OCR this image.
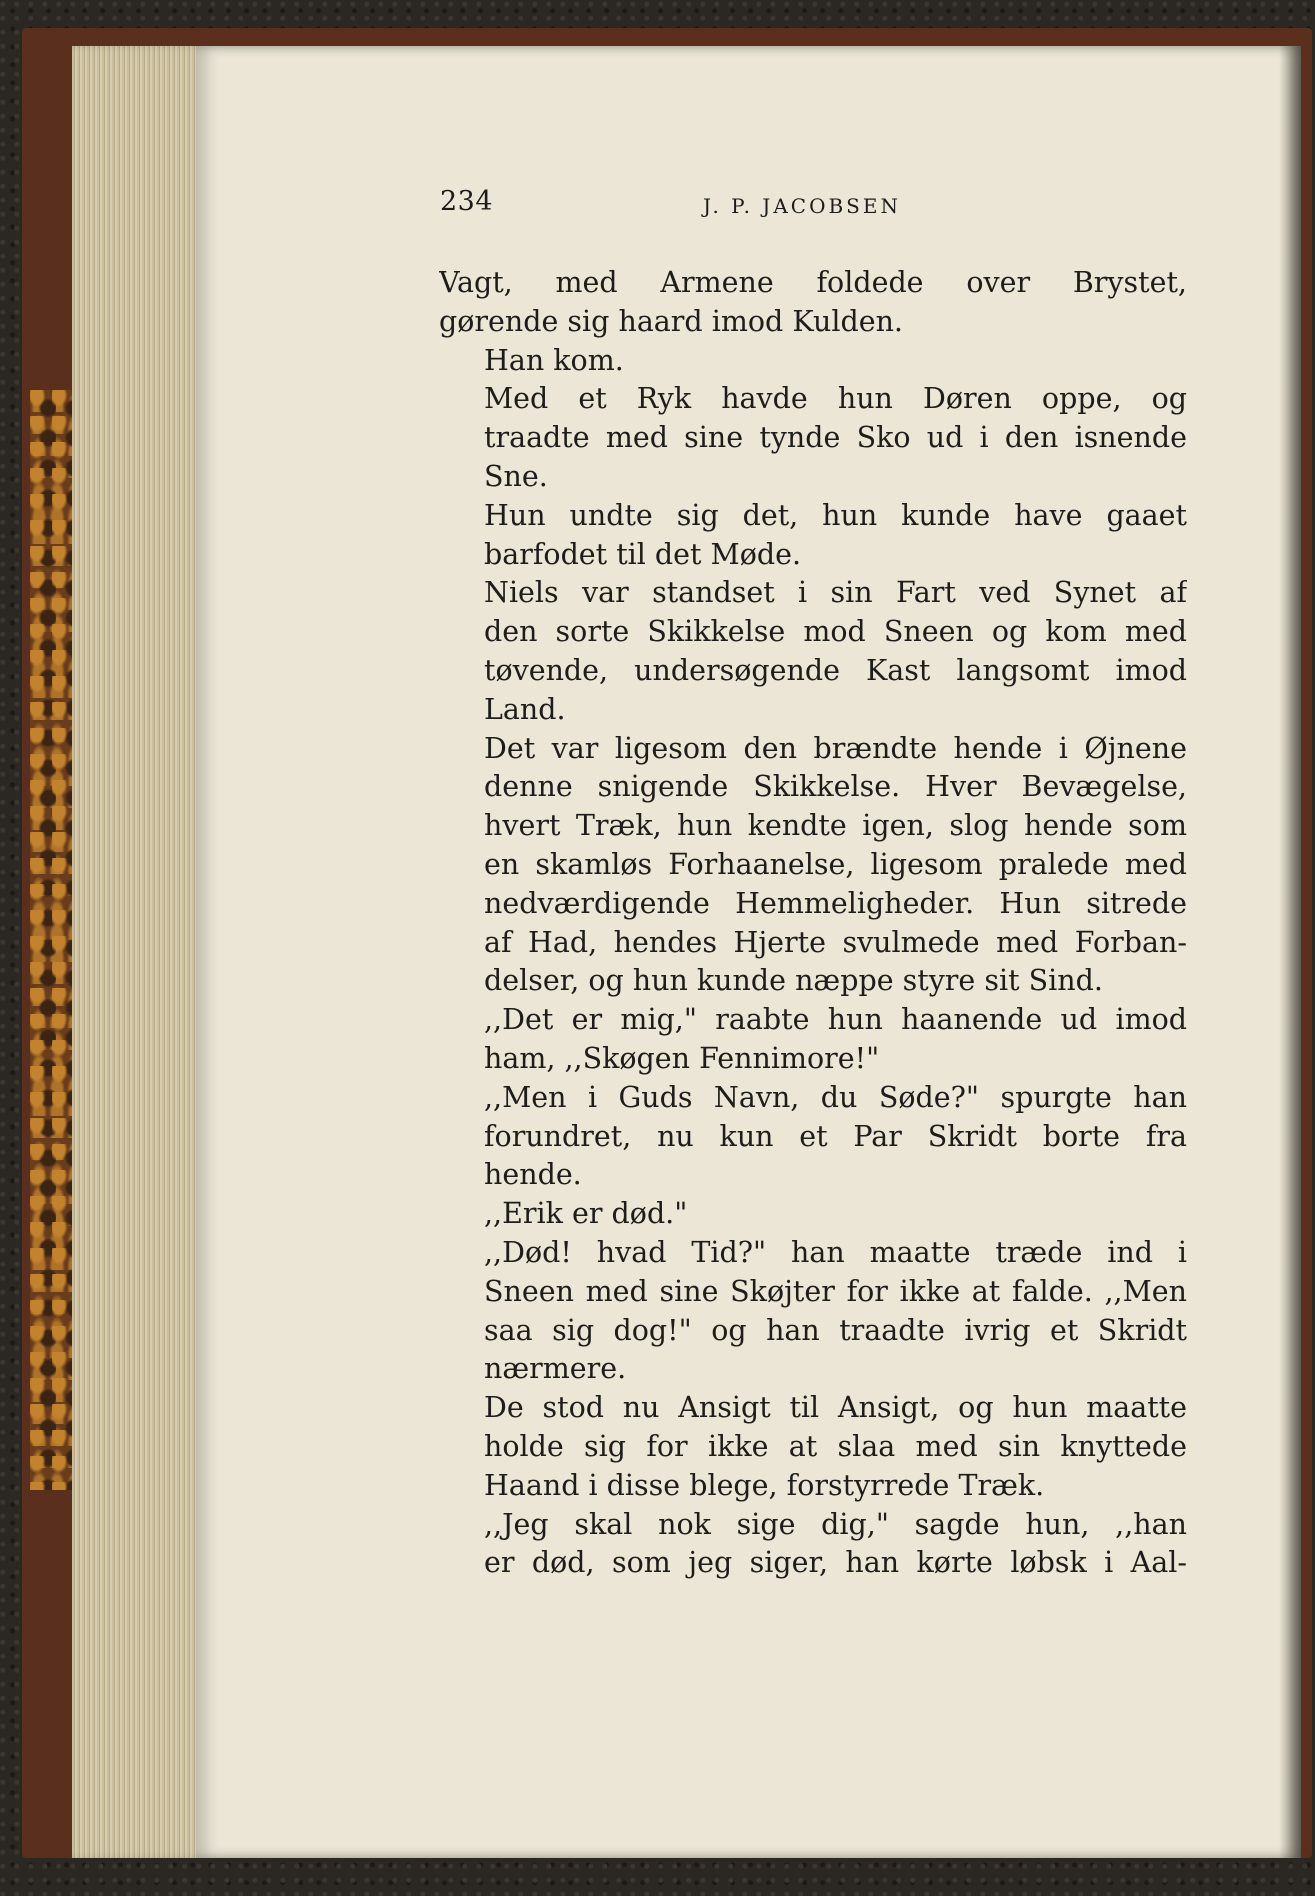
234	J. P. JACOBSEN
Vagt, med Armene foldede over Brystet,
gørende sig haard imod Kulden.
Han kom.
Med et Ryk havde hun Døren oppe, og
traadte med sine tynde Sko ud i den isnende
Sne.
Hun undte sig det, hun kunde have gaaet
barfodet til det Møde.
Niels var standset i sin Fart ved Synet af
den sorte Skikkelse mod Sneen og kom med
tøvende, undersøgende Kast langsomt imod
Land.
Det var ligesom den brændte hende i Øjnene
denne snigende Skikkelse. Hver Bevægelse,
hvert Træk, hun kendte igen, slog hende som
en skamløs Forhaanelse, ligesom pralede med
nedværdigende Hemmeligheder. Hun sitrede
af Had, hendes Hjerte svulmede med Forban-
delser, og hun kunde næppe styre sit Sind.
,,Det er mig," raabte hun haanende ud imod
ham, ,,Skøgen Fennimore!"
,,Men i Guds Navn, du Søde?" spurgte han
forundret, nu kun et Par Skridt borte fra
hende.
,,Erik er død."
,,Død! hvad Tid?" han maatte træde ind i
Sneen med sine Skøjter for ikke at falde. ,,Men
saa sig dog!" og han traadte ivrig et Skridt
nærmere.
De stod nu Ansigt til Ansigt, og hun maatte
holde sig for ikke at slaa med sin knyttede
Haand i disse blege, forstyrrede Træk.
,,Jeg skal nok sige dig," sagde hun, ,,han
er død, som jeg siger, han kørte løbsk i Aal-
